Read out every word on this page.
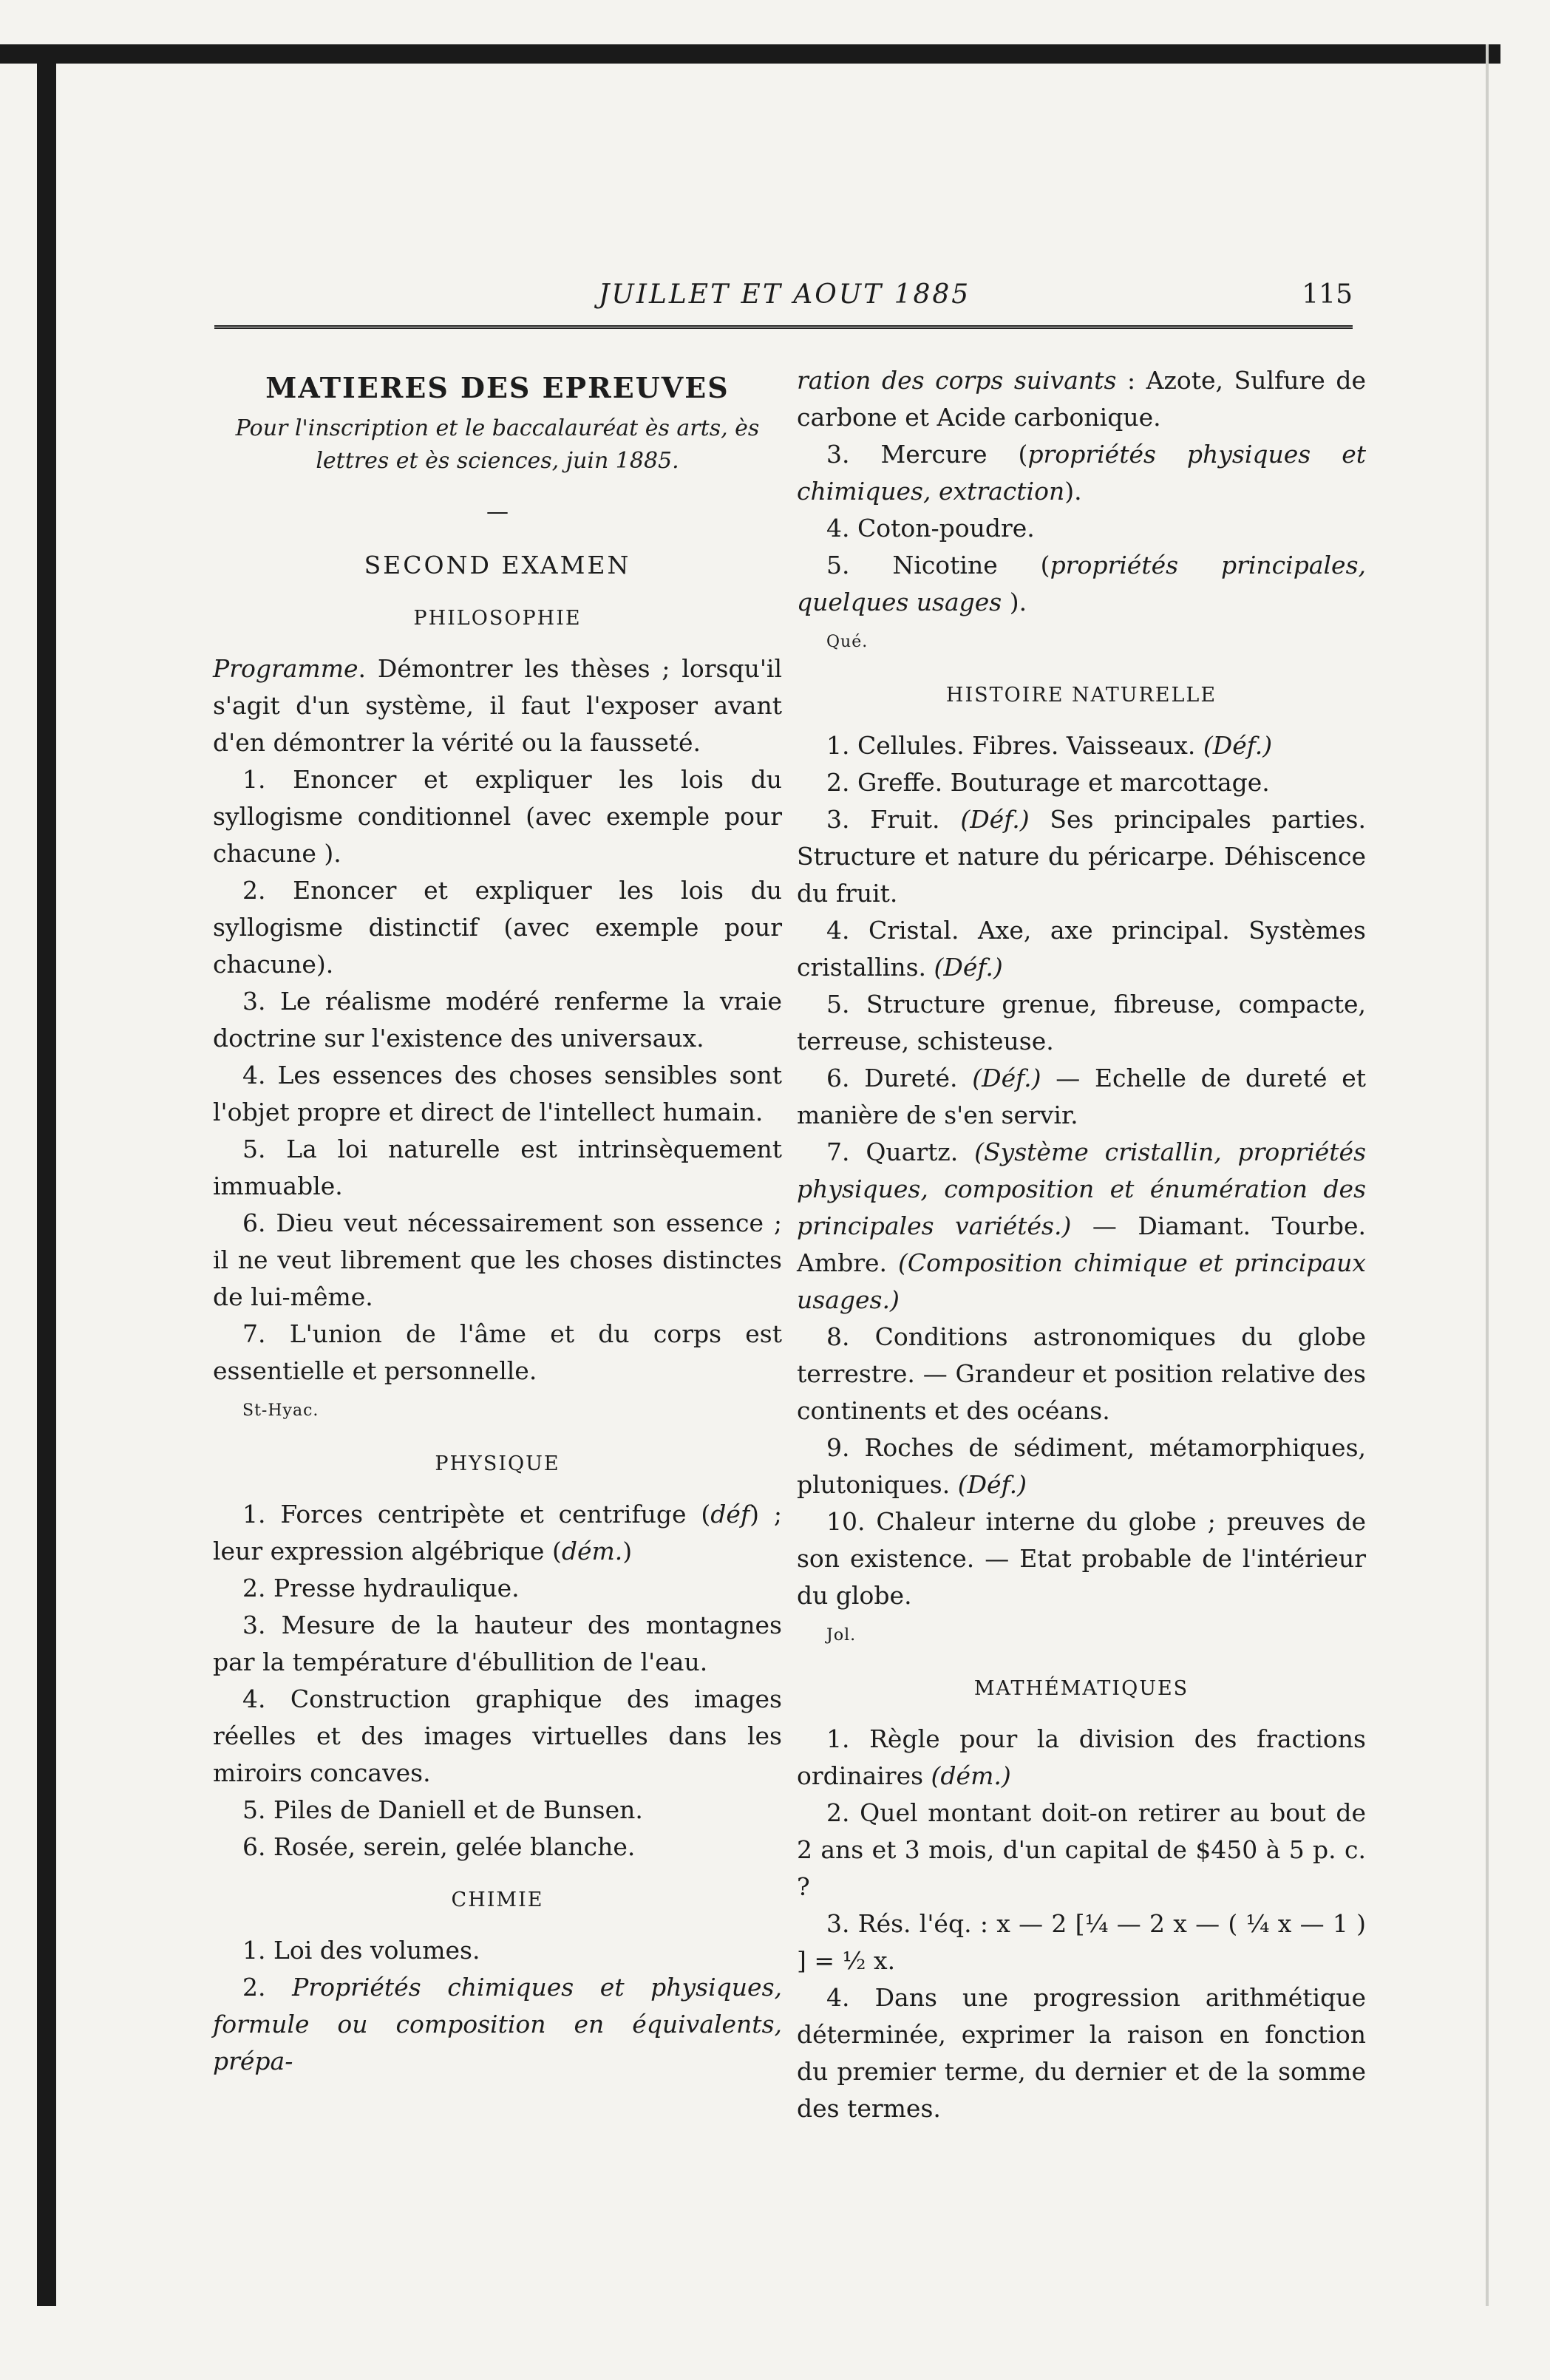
JUILLET ET AOUT 1885	115
MATIERES DES EPREUVES
Pour l'inscription et le baccalauréat ès arts, ès lettres et ès sciences, juin 1885.
—
SECOND EXAMEN
PHILOSOPHIE

Programme. Démontrer les thèses ; lorsqu'il s'agit d'un système, il faut l'exposer avant d'en démontrer la vérité ou la fausseté.

1. Enoncer et expliquer les lois du syllogisme conditionnel (avec exemple pour chacune ).

2. Enoncer et expliquer les lois du syllogisme distinctif (avec exemple pour chacune).

3. Le réalisme modéré renferme la vraie doctrine sur l'existence des universaux.

4. Les essences des choses sensibles sont l'objet propre et direct de l'intellect humain.

5. La loi naturelle est intrinsèquement immuable.

6. Dieu veut nécessairement son essence ; il ne veut librement que les choses distinctes de lui-même.

7. L'union de l'âme et du corps est essentielle et personnelle.

St-Hyac.
PHYSIQUE

1. Forces centripète et centrifuge (déf) ; leur expression algébrique (dém.)

2. Presse hydraulique.

3. Mesure de la hauteur des montagnes par la température d'ébullition de l'eau.

4. Construction graphique des images réelles et des images virtuelles dans les miroirs concaves.

5. Piles de Daniell et de Bunsen.

6. Rosée, serein, gelée blanche.

CHIMIE

1. Loi des volumes.

2. Propriétés chimiques et physiques, formule ou composition en équivalents, prépa-

ration des corps suivants : Azote, Sulfure de carbone et Acide carbonique.

3. Mercure (propriétés physiques et chimiques, extraction).

4. Coton-poudre.

5. Nicotine (propriétés principales, quelques usages ).

Qué.
HISTOIRE NATURELLE

1. Cellules. Fibres. Vaisseaux. (Déf.)

2. Greffe. Bouturage et marcottage.

3. Fruit. (Déf.) Ses principales parties. Structure et nature du péricarpe. Déhiscence du fruit.

4. Cristal. Axe, axe principal. Systèmes cristallins. (Déf.)

5. Structure grenue, fibreuse, compacte, terreuse, schisteuse.

6. Dureté. (Déf.) — Echelle de dureté et manière de s'en servir.

7. Quartz. (Système cristallin, propriétés physiques, composition et énumération des principales variétés.) — Diamant. Tourbe. Ambre. (Composition chimique et principaux usages.)

8. Conditions astronomiques du globe terrestre. — Grandeur et position relative des continents et des océans.

9. Roches de sédiment, métamorphiques, plutoniques. (Déf.)

10. Chaleur interne du globe ; preuves de son existence. — Etat probable de l'intérieur du globe.

Jol.
MATHÉMATIQUES

1. Règle pour la division des fractions ordinaires (dém.)

2. Quel montant doit-on retirer au bout de 2 ans et 3 mois, d'un capital de $450 à 5 p. c. ?

3. Rés. l'éq. : x — 2 [¼ — 2 x — ( ¼ x — 1 ) ] = ½ x.

4. Dans une progression arithmétique déterminée, exprimer la raison en fonction du premier terme, du dernier et de la somme des termes.
